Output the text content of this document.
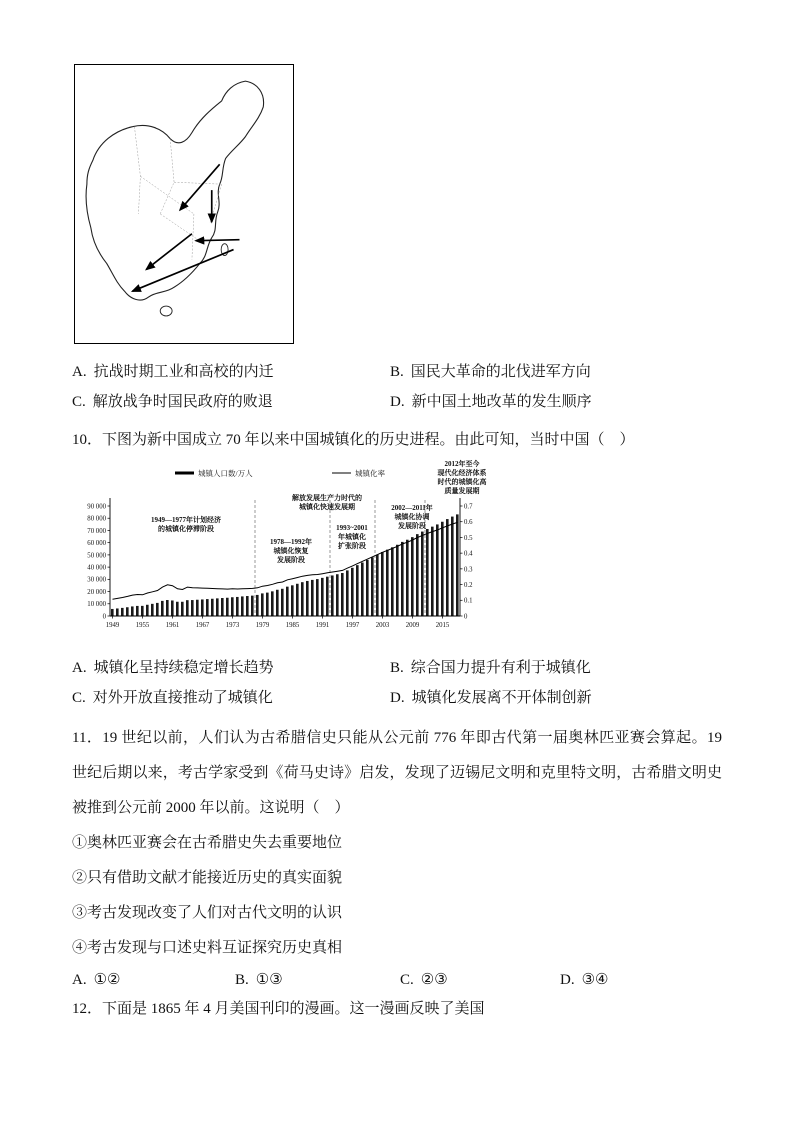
A. 抗战时期工业和高校的内迁	B. 国民大革命的北伐进军方向
C. 解放战争时国民政府的败退	D. 新中国土地改革的发生顺序
10．下图为新中国成立 70 年以来中国城镇化的历史进程。由此可知，当时中国（　）
0
10 000
20 000
30 000
40 000
50 000
60 000
70 000
80 000
90 000
0
0.1
0.2
0.3
0.4
0.5
0.6
0.7
1949 1955 1961 1967 1973 1979 1985 1991 1997 2003 2009 2015
城镇人口数/万人	城镇化率
1949—1977年计划经济
的城镇化停滞阶段
解放发展生产力时代的
城镇化快速发展期
1978—1992年
城镇化恢复
发展阶段
1993~2001
年城镇化
扩张阶段
2002—2011年
城镇化协调
发展阶段
2012年至今
现代化经济体系
时代的城镇化高
质量发展期
A. 城镇化呈持续稳定增长趋势	B. 综合国力提升有利于城镇化
C. 对外开放直接推动了城镇化	D. 城镇化发展离不开体制创新
11．19 世纪以前，人们认为古希腊信史只能从公元前 776 年即古代第一届奥林匹亚赛会算起。19 世纪后期以来，考古学家受到《荷马史诗》启发，发现了迈锡尼文明和克里特文明，古希腊文明史被推到公元前 2000 年以前。这说明（　）
①奥林匹亚赛会在古希腊史失去重要地位
②只有借助文献才能接近历史的真实面貌
③考古发现改变了人们对古代文明的认识
④考古发现与口述史料互证探究历史真相
A. ①②	B. ①③	C. ②③	D. ③④
12．下面是 1865 年 4 月美国刊印的漫画。这一漫画反映了美国
